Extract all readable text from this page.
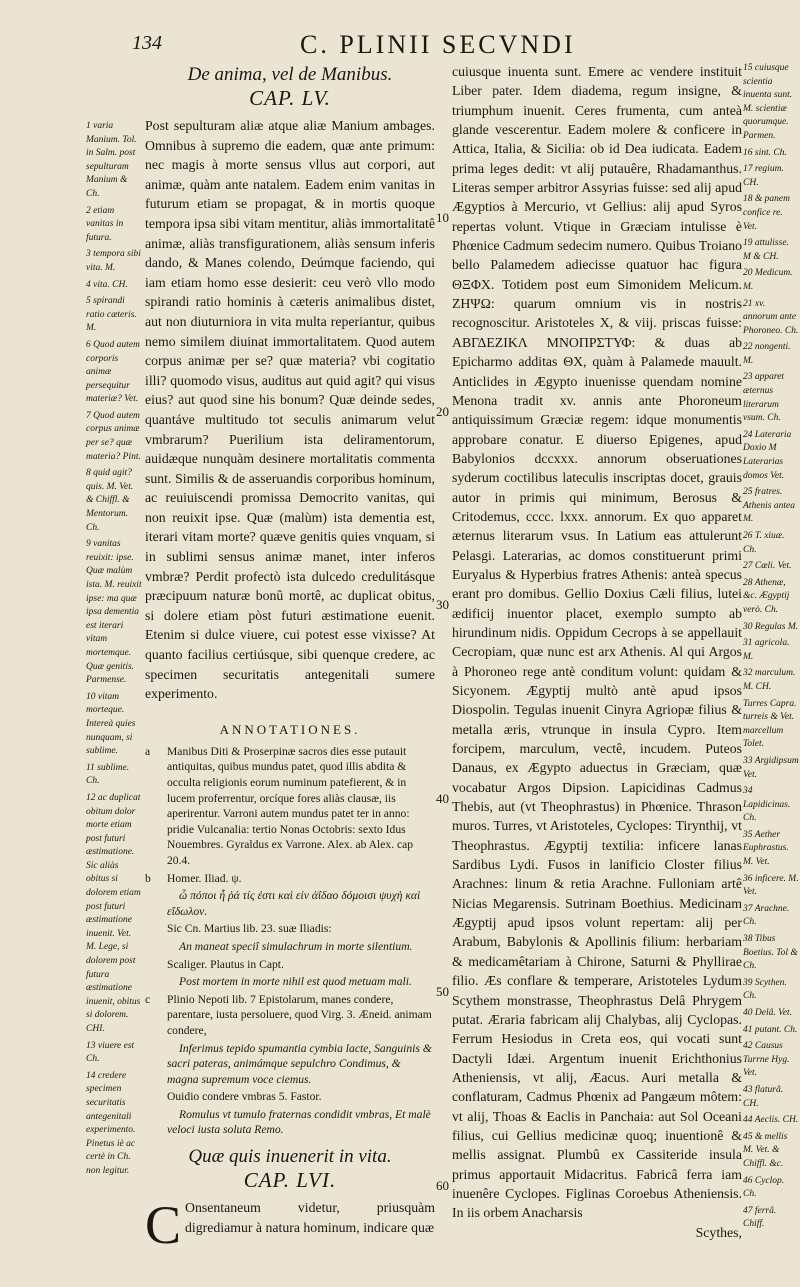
134	C. PLINII SECVNDI
1 varia Manium. Tol. in Salm. post sepulturam Manium & Ch.
2 etiam vanitas in futura.
3 tempora sibi vita. M.
4 vita. CH.
5 spirandi ratio cæteris. M.
6 Quod autem corporis animæ persequitur materiæ? Vet.
7 Quod autem corpus animæ per se? quæ materia? Pint.
8 quid agit? quis. M. Vet. & Chiffl. & Mentorum. Ch.
9 vanitas reuixit: ipse. Quæ malùm ista. M. reuixit ipse: ma quæ ipsa dementia est iterari vitam mortemque. Quæ genitis. Parmense.
10 vitam morteque. Intereà quies nunquam, si sublime.
11 sublime. Ch.
12 ac duplicat obitum dolor morte etiam post futuri æstimatione. Sic aliàs obitus si dolorem etiam post futuri æstimatione inuenit. Vet. M. Lege, si dolorem post futura æstimatione inuenit, obitus si dolorem. CHI.
13 viuere est Ch.
14 credere specimen securitatis antegenitali experimento. Pinetus iè ac certè in Ch. non legitur.
De anima, vel de Manibus.
CAP. LV.
Post sepulturam aliæ atque aliæ Manium ambages. Omnibus à supremo die eadem, quæ ante primum: nec magis à morte sensus vllus aut corpori, aut animæ, quàm ante natalem. Eadem enim vanitas in futurum etiam se propagat, & in mortis quoque tempora ipsa sibi vitam mentitur, aliàs immortalitatê animæ, aliàs transfigurationem, aliàs sensum inferis dando, & Manes colendo, Deúmque faciendo, qui iam etiam homo esse desierit: ceu verò vllo modo spirandi ratio hominis à cæteris animalibus distet, aut non diuturniora in vita multa reperiantur, quibus nemo similem diuinat immortalitatem. Quod autem corpus animæ per se? quæ materia? vbi cogitatio illi? quomodo visus, auditus aut quid agit? qui visus eius? aut quod sine his bonum? Quæ deinde sedes, quantáve multitudo tot seculis animarum velut vmbrarum? Puerilium ista deliramentorum, auidæque nunquàm desinere mortalitatis commenta sunt. Similis & de asseruandis corporibus hominum, ac reuiuiscendi promissa Democrito vanitas, qui non reuixit ipse. Quæ (malùm) ista dementia est, iterari vitam morte? quæve genitis quies vnquam, si in sublimi sensus animæ manet, inter inferos vmbræ? Perdit profectò ista dulcedo credulitásque præcipuum naturæ bonû mortê, ac duplicat obitus, si dolere etiam pòst futuri æstimatione euenit. Etenim si dulce viuere, cui potest esse vixisse? At quanto facilius certiúsque, sibi quenque credere, ac specimen securitatis antegenitali sumere experimento.
ANNOTATIONES.
a Manibus Diti & Proserpinæ sacros dies esse putauit antiquitas, quibus mundus patet, quod illis abdita & occulta religionis eorum numinum patefierent, & in lucem proferrentur, orcíque fores aliàs clausæ, iis aperirentur. Varroni autem mundus patet ter in anno: pridie Vulcanalia: tertio Nonas Octobris: sexto Idus Nouembres. Gyraldus ex Varrone. Alex. ab Alex. cap 20.4.
b Homer. Iliad. ψ.
ὦ πόποι ἦ ῥά τίς ἐστι καὶ εἰν ἀΐδαο δόμοισι ψυχὴ καὶ εἴδωλον.
Sic Cn. Martius lib. 23. suæ Iliadis:
An maneat speciî simulachrum in morte silentium.
Scaliger. Plautus in Capt.
Post mortem in morte nihil est quod metuam mali.
c Plinio Nepoti lib. 7 Epistolarum, manes condere, parentare, iusta persoluere, quod Virg. 3. Æneid. animam condere,
Inferimus tepido spumantia cymbia lacte, Sanguinis & sacri pateras, animámque sepulchro Condimus, & magna supremum voce ciemus.
Ouidio condere vmbras 5. Fastor.
Romulus vt tumulo fraternas condidit vmbras, Et malè veloci iusta soluta Remo.
Quæ quis inuenerit in vita.
CAP. LVI.
C Onsentaneum videtur, priusquàm digrediamur à natura hominum, indicare quæ
10
20
30
40
50
60
cuiusque inuenta sunt. Emere ac vendere instituit Liber pater. Idem diadema, regum insigne, & triumphum inuenit. Ceres frumenta, cum anteà glande vescerentur. Eadem molere & conficere in Attica, Italia, & Sicilia: ob id Dea iudicata. Eadem prima leges dedit: vt alij putauêre, Rhadamanthus. Literas semper arbitror Assyrias fuisse: sed alij apud Ægyptios à Mercurio, vt Gellius: alij apud Syros repertas volunt. Vtique in Græciam intulisse è Phœnice Cadmum sedecim numero. Quibus Troiano bello Palamedem adiecisse quatuor hac figura ΘΞΦΧ. Totidem post eum Simonidem Melicum. ΖΗΨΩ: quarum omnium vis in nostris recognoscitur. Aristoteles X, & viij. priscas fuisse: ΑΒΓΔΕΖΙΚΛ ΜΝΟΠΡΣΤΥΦ: & duas ab Epicharmo additas ΘΧ, quàm à Palamede mauult. Anticlides in Ægypto inuenisse quendam nomine Menona tradit xv. annis ante Phoroneum antiquissimum Græciæ regem: idque monumentis approbare conatur. E diuerso Epigenes, apud Babylonios dccxxx. annorum obseruationes syderum coctilibus lateculis inscriptas docet, grauis autor in primis qui minimum, Berosus & Critodemus, cccc. lxxx. annorum. Ex quo apparet æternus literarum vsus. In Latium eas attulerunt Pelasgi. Laterarias, ac domos constituerunt primi Euryalus & Hyperbius fratres Athenis: anteà specus erant pro domibus. Gellio Doxius Cæli filius, lutei ædificij inuentor placet, exemplo sumpto ab hirundinum nidis. Oppidum Cecrops à se appellauit Cecropiam, quæ nunc est arx Athenis. Al qui Argos à Phoroneo rege antè conditum volunt: quidam & Sicyonem. Ægyptij multò antè apud ipsos Diospolin. Tegulas inuenit Cinyra Agriopæ filius & metalla æris, vtrunque in insula Cypro. Item forcipem, marculum, vectê, incudem. Puteos Danaus, ex Ægypto aduectus in Græciam, quæ vocabatur Argos Dipsion. Lapicidinas Cadmus Thebis, aut (vt Theophrastus) in Phœnice. Thrason muros. Turres, vt Aristoteles, Cyclopes: Tirynthij, vt Theophrastus. Ægyptij textilia: inficere lanas Sardibus Lydi. Fusos in lanificio Closter filius Arachnes: linum & retia Arachne. Fulloniam artê Nicias Megarensis. Sutrinam Boethius. Medicinam Ægyptij apud ipsos volunt repertam: alij per Arabum, Babylonis & Apollinis filium: herbariam & medicamêtariam à Chirone, Saturni & Phyllirae filio. Æs conflare & temperare, Aristoteles Lydum Scythem monstrasse, Theophrastus Delâ Phrygem putat. Æraria fabricam alij Chalybas, alij Cyclopas. Ferrum Hesiodus in Creta eos, qui vocati sunt Dactyli Idæi. Argentum inuenit Erichthonius Atheniensis, vt alij, Æacus. Auri metalla & conflaturam, Cadmus Phœnix ad Pangæum môtem: vt alij, Thoas & Eaclis in Panchaia: aut Sol Oceani filius, cui Gellius medicinæ quoq; inuentionê & mellis assignat. Plumbû ex Cassiteride insula primus apportauit Midacritus. Fabricâ ferra iam inuenêre Cyclopes. Figlinas Coroebus Atheniensis. In iis orbem Anacharsis
Scythes,
15 cuiusque scientia inuenta sunt. M. scientiæ quorumque. Parmen.
16 sint. Ch.
17 regium. CH.
18 & panem confice re. Vet.
19 attulisse. M & CH.
20 Medicum. M.
21 xv. annorum ante Phoroneo. Ch.
22 nongenti. M.
23 apparet æternus literarum vsum. Ch.
24 Lateraria Doxio M Laterarias domos Vet.
25 fratres. Athenis antea M.
26 T. xiuæ. Ch.
27 Cæli. Vet.
28 Athenæ, &c. Ægyptij verò. Ch.
30 Regulas M.
31 agricola. M.
32 marculum. M. CH.
Turres Capra. turreis & Vet. marcellum Tolet.
33 Argidipsum Vet.
34 Lapidicinas. Ch.
35 Aether Euphrastus. M. Vet.
36 inficere. M. Vet.
37 Arachne. Ch.
38 Tibus Boetius. Tol & Ch.
39 Scythen. Ch.
40 Delâ. Vet.
41 putant. Ch.
42 Causus Turrne Hyg. Vet.
43 flaturâ. CH.
44 Aeclis. CH.
45 & mellis M. Vet. & Chiffl. &c.
46 Cyclop. Ch.
47 ferrâ. Chiff.
